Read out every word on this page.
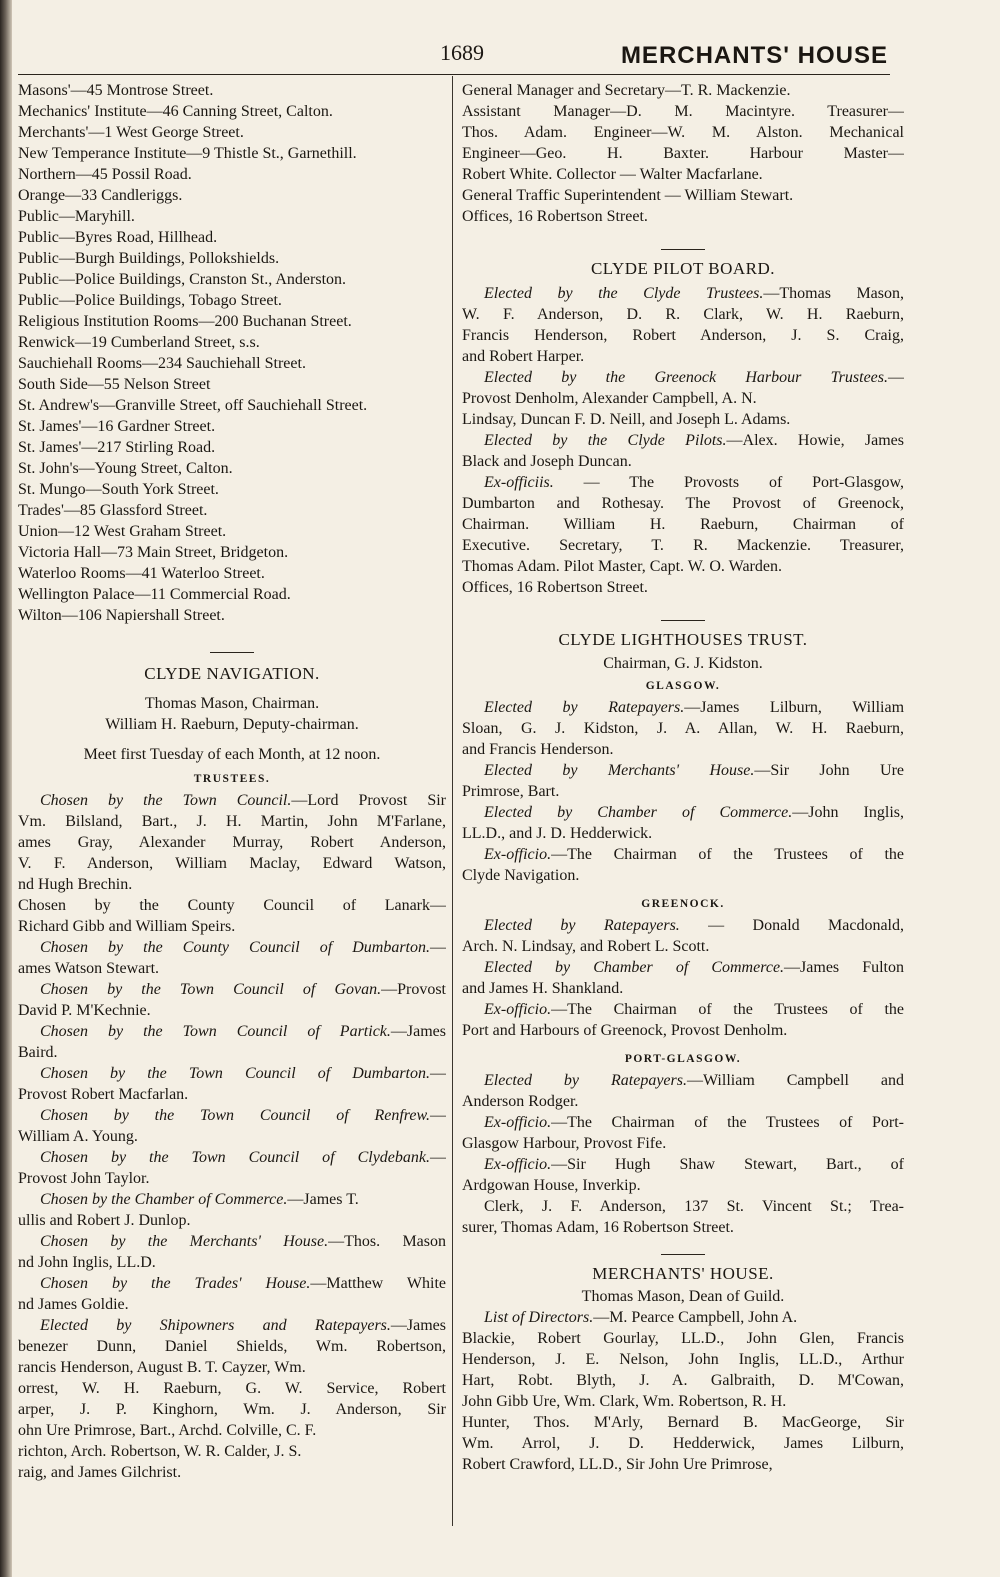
1689	MERCHANTS' HOUSE
Masons'—45 Montrose Street.
Mechanics' Institute—46 Canning Street, Calton.
Merchants'—1 West George Street.
New Temperance Institute—9 Thistle St., Garnethill.
Northern—45 Possil Road.
Orange—33 Candleriggs.
Public—Maryhill.
Public—Byres Road, Hillhead.
Public—Burgh Buildings, Pollokshields.
Public—Police Buildings, Cranston St., Anderston.
Public—Police Buildings, Tobago Street.
Religious Institution Rooms—200 Buchanan Street.
Renwick—19 Cumberland Street, s.s.
Sauchiehall Rooms—234 Sauchiehall Street.
South Side—55 Nelson Street
St. Andrew's—Granville Street, off Sauchiehall Street.
St. James'—16 Gardner Street.
St. James'—217 Stirling Road.
St. John's—Young Street, Calton.
St. Mungo—South York Street.
Trades'—85 Glassford Street.
Union—12 West Graham Street.
Victoria Hall—73 Main Street, Bridgeton.
Waterloo Rooms—41 Waterloo Street.
Wellington Palace—11 Commercial Road.
Wilton—106 Napiershall Street.
CLYDE NAVIGATION.
Thomas Mason, Chairman.
William H. Raeburn, Deputy-chairman.
Meet first Tuesday of each Month, at 12 noon.
TRUSTEES.
Chosen by the Town Council.—Lord Provost Sir
Vm. Bilsland, Bart., J. H. Martin, John M'Farlane,
ames Gray, Alexander Murray, Robert Anderson,
V. F. Anderson, William Maclay, Edward Watson,
nd Hugh Brechin.
Chosen by the County Council of Lanark—
Richard Gibb and William Speirs.
Chosen by the County Council of Dumbarton.—
ames Watson Stewart.
Chosen by the Town Council of Govan.—Provost
David P. M'Kechnie.
Chosen by the Town Council of Partick.—James
Baird.
Chosen by the Town Council of Dumbarton.—
Provost Robert Macfarlan.
Chosen by the Town Council of Renfrew.—
William A. Young.
Chosen by the Town Council of Clydebank.—
Provost John Taylor.
Chosen by the Chamber of Commerce.—James T.
ullis and Robert J. Dunlop.
Chosen by the Merchants' House.—Thos. Mason
nd John Inglis, LL.D.
Chosen by the Trades' House.—Matthew White
nd James Goldie.
Elected by Shipowners and Ratepayers.—James
benezer Dunn, Daniel Shields, Wm. Robertson,
rancis Henderson, August B. T. Cayzer, Wm.
orrest, W. H. Raeburn, G. W. Service, Robert
arper, J. P. Kinghorn, Wm. J. Anderson, Sir
ohn Ure Primrose, Bart., Archd. Colville, C. F.
richton, Arch. Robertson, W. R. Calder, J. S.
raig, and James Gilchrist.
General Manager and Secretary—T. R. Mackenzie.
Assistant Manager—D. M. Macintyre. Treasurer—
Thos. Adam. Engineer—W. M. Alston. Mechanical
Engineer—Geo. H. Baxter. Harbour Master—
Robert White. Collector — Walter Macfarlane.
General Traffic Superintendent — William Stewart.
Offices, 16 Robertson Street.
CLYDE PILOT BOARD.
Elected by the Clyde Trustees.—Thomas Mason,
W. F. Anderson, D. R. Clark, W. H. Raeburn,
Francis Henderson, Robert Anderson, J. S. Craig,
and Robert Harper.
Elected by the Greenock Harbour Trustees.—
Provost Denholm, Alexander Campbell, A. N.
Lindsay, Duncan F. D. Neill, and Joseph L. Adams.
Elected by the Clyde Pilots.—Alex. Howie, James
Black and Joseph Duncan.
Ex-officiis. — The Provosts of Port-Glasgow,
Dumbarton and Rothesay. The Provost of Greenock,
Chairman. William H. Raeburn, Chairman of
Executive. Secretary, T. R. Mackenzie. Treasurer,
Thomas Adam. Pilot Master, Capt. W. O. Warden.
Offices, 16 Robertson Street.
CLYDE LIGHTHOUSES TRUST.
Chairman, G. J. Kidston.
GLASGOW.
Elected by Ratepayers.—James Lilburn, William
Sloan, G. J. Kidston, J. A. Allan, W. H. Raeburn,
and Francis Henderson.
Elected by Merchants' House.—Sir John Ure
Primrose, Bart.
Elected by Chamber of Commerce.—John Inglis,
LL.D., and J. D. Hedderwick.
Ex-officio.—The Chairman of the Trustees of the
Clyde Navigation.
GREENOCK.
Elected by Ratepayers. — Donald Macdonald,
Arch. N. Lindsay, and Robert L. Scott.
Elected by Chamber of Commerce.—James Fulton
and James H. Shankland.
Ex-officio.—The Chairman of the Trustees of the
Port and Harbours of Greenock, Provost Denholm.
PORT-GLASGOW.
Elected by Ratepayers.—William Campbell and
Anderson Rodger.
Ex-officio.—The Chairman of the Trustees of Port-
Glasgow Harbour, Provost Fife.
Ex-officio.—Sir Hugh Shaw Stewart, Bart., of
Ardgowan House, Inverkip.
Clerk, J. F. Anderson, 137 St. Vincent St.; Trea-
surer, Thomas Adam, 16 Robertson Street.
MERCHANTS' HOUSE.
Thomas Mason, Dean of Guild.
List of Directors.—M. Pearce Campbell, John A.
Blackie, Robert Gourlay, LL.D., John Glen, Francis
Henderson, J. E. Nelson, John Inglis, LL.D., Arthur
Hart, Robt. Blyth, J. A. Galbraith, D. M'Cowan,
John Gibb Ure, Wm. Clark, Wm. Robertson, R. H.
Hunter, Thos. M'Arly, Bernard B. MacGeorge, Sir
Wm. Arrol, J. D. Hedderwick, James Lilburn,
Robert Crawford, LL.D., Sir John Ure Primrose,
